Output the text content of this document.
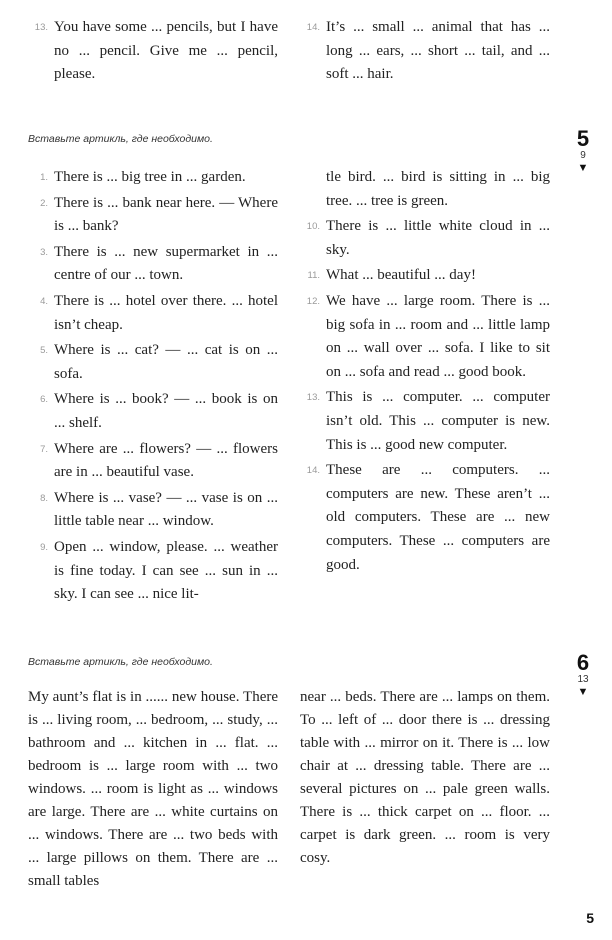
13. You have some ... pencils, but I have no ... pencil. Give me ... pencil, please.
14. It’s ... small ... animal that has ... long ... ears, ... short ... tail, and ... soft ... hair.
Вставьте артикль, где необходимо.	5
9
▼
1. There is ... big tree in ... garden.
2. There is ... bank near here. — Where is ... bank?
3. There is ... new supermarket in ... centre of our ... town.
4. There is ... hotel over there. ... hotel isn’t cheap.
5. Where is ... cat? — ... cat is on ... sofa.
6. Where is ... book? — ... book is on ... shelf.
7. Where are ... flowers? — ... flowers are in ... beautiful vase.
8. Where is ... vase? — ... vase is on ... little table near ... window.
9. Open ... window, please. ... weather is fine today. I can see ... sun in ... sky. I can see ... nice lit-
tle bird. ... bird is sitting in ... big tree. ... tree is green.
10. There is ... little white cloud in ... sky.
11. What ... beautiful ... day!
12. We have ... large room. There is ... big sofa in ... room and ... little lamp on ... wall over ... sofa. I like to sit on ... sofa and read ... good book.
13. This is ... computer. ... computer isn’t old. This ... computer is new. This is ... good new computer.
14. These are ... computers. ... computers are new. These aren’t ... old computers. These are ... new computers. These ... computers are good.
Вставьте артикль, где необходимо.	6
13
▼
My aunt’s flat is in ...... new house. There is ... living room, ... bedroom, ... study, ... bathroom and ... kitchen in ... flat. ... bedroom is ... large room with ... two windows. ... room is light as ... windows are large. There are ... white curtains on ... windows. There are ... two beds with ... large pillows on them. There are ... small tables
near ... beds. There are ... lamps on them. To ... left of ... door there is ... dressing table with ... mirror on it. There is ... low chair at ... dressing table. There are ... several pictures on ... pale green walls. There is ... thick carpet on ... floor. ... carpet is dark green. ... room is very cosy.
5
